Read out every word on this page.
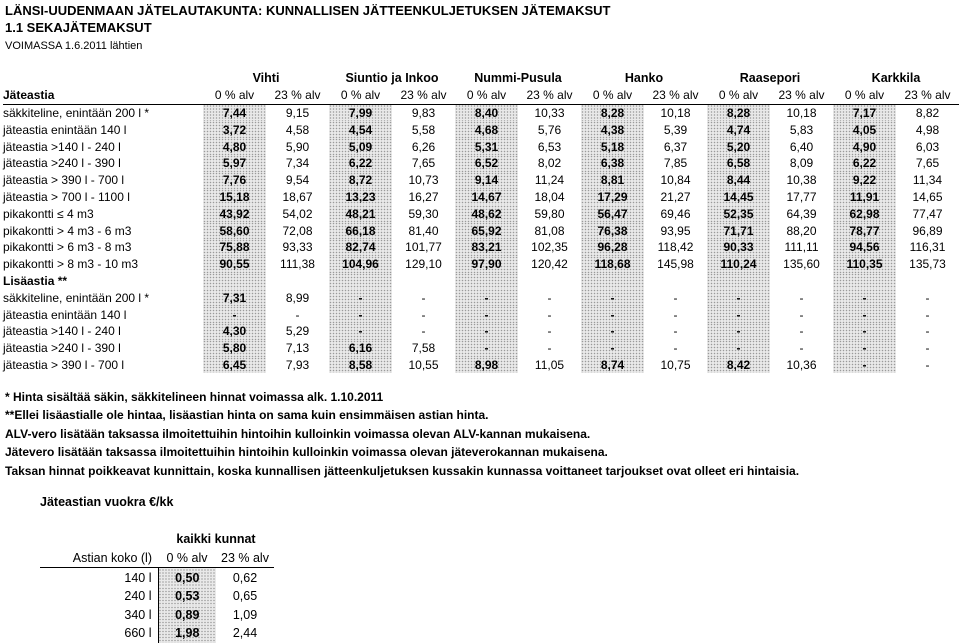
LÄNSI-UUDENMAAN JÄTELAUTAKUNTA: KUNNALLISEN JÄTTEENKULJETUKSEN JÄTEMAKSUT
1.1 SEKAJÄTEMAKSUT
VOIMASSA 1.6.2011 lähtien
	Vihti		Siuntio ja Inkoo		Nummi-Pusula		Hanko		Raasepori		Karkkila	
Jäteastia	0 % alv	23 % alv	0 % alv	23 % alv	0 % alv	23 % alv	0 % alv	23 % alv	0 % alv	23 % alv	0 % alv	23 % alv
säkkiteline, enintään 200 l *	7,44	9,15	7,99	9,83	8,40	10,33	8,28	10,18	8,28	10,18	7,17	8,82
jäteastia enintään 140 l	3,72	4,58	4,54	5,58	4,68	5,76	4,38	5,39	4,74	5,83	4,05	4,98
jäteastia >140 l - 240 l	4,80	5,90	5,09	6,26	5,31	6,53	5,18	6,37	5,20	6,40	4,90	6,03
jäteastia >240 l - 390 l	5,97	7,34	6,22	7,65	6,52	8,02	6,38	7,85	6,58	8,09	6,22	7,65
jäteastia > 390 l - 700 l	7,76	9,54	8,72	10,73	9,14	11,24	8,81	10,84	8,44	10,38	9,22	11,34
jäteastia > 700 l - 1100 l	15,18	18,67	13,23	16,27	14,67	18,04	17,29	21,27	14,45	17,77	11,91	14,65
pikakontti ≤ 4 m3	43,92	54,02	48,21	59,30	48,62	59,80	56,47	69,46	52,35	64,39	62,98	77,47
pikakontti > 4 m3 - 6 m3	58,60	72,08	66,18	81,40	65,92	81,08	76,38	93,95	71,71	88,20	78,77	96,89
pikakontti > 6 m3 - 8 m3	75,88	93,33	82,74	101,77	83,21	102,35	96,28	118,42	90,33	111,11	94,56	116,31
pikakontti > 8 m3 - 10 m3	90,55	111,38	104,96	129,10	97,90	120,42	118,68	145,98	110,24	135,60	110,35	135,73
Lisäastia **												
säkkiteline, enintään 200 l *	7,31	8,99	-	-	-	-	-	-	-	-	-	-
jäteastia enintään 140 l	-	-	-	-	-	-	-	-	-	-	-	-
jäteastia >140 l - 240 l	4,30	5,29	-	-	-	-	-	-	-	-	-	-
jäteastia >240 l - 390 l	5,80	7,13	6,16	7,58	-	-	-	-	-	-	-	-
jäteastia > 390 l - 700 l	6,45	7,93	8,58	10,55	8,98	11,05	8,74	10,75	8,42	10,36	-	-
* Hinta sisältää säkin, säkkitelineen hinnat voimassa alk. 1.10.2011
**Ellei lisäastialle ole hintaa, lisäastian hinta on sama kuin ensimmäisen astian hinta.
ALV-vero lisätään taksassa ilmoitettuihin hintoihin kulloinkin voimassa olevan ALV-kannan mukaisena.
Jätevero lisätään taksassa ilmoitettuihin hintoihin kulloinkin voimassa olevan jäteverokannan mukaisena.
Taksan hinnat poikkeavat kunnittain, koska kunnallisen jätteenkuljetuksen kussakin kunnassa voittaneet tarjoukset ovat olleet eri hintaisia.
Jäteastian vuokra €/kk		

	kaikki kunnat	
Astian koko (l)	0 % alv	23 % alv
140 l	0,50	0,62
240 l	0,53	0,65
340 l	0,89	1,09
660 l	1,98	2,44
